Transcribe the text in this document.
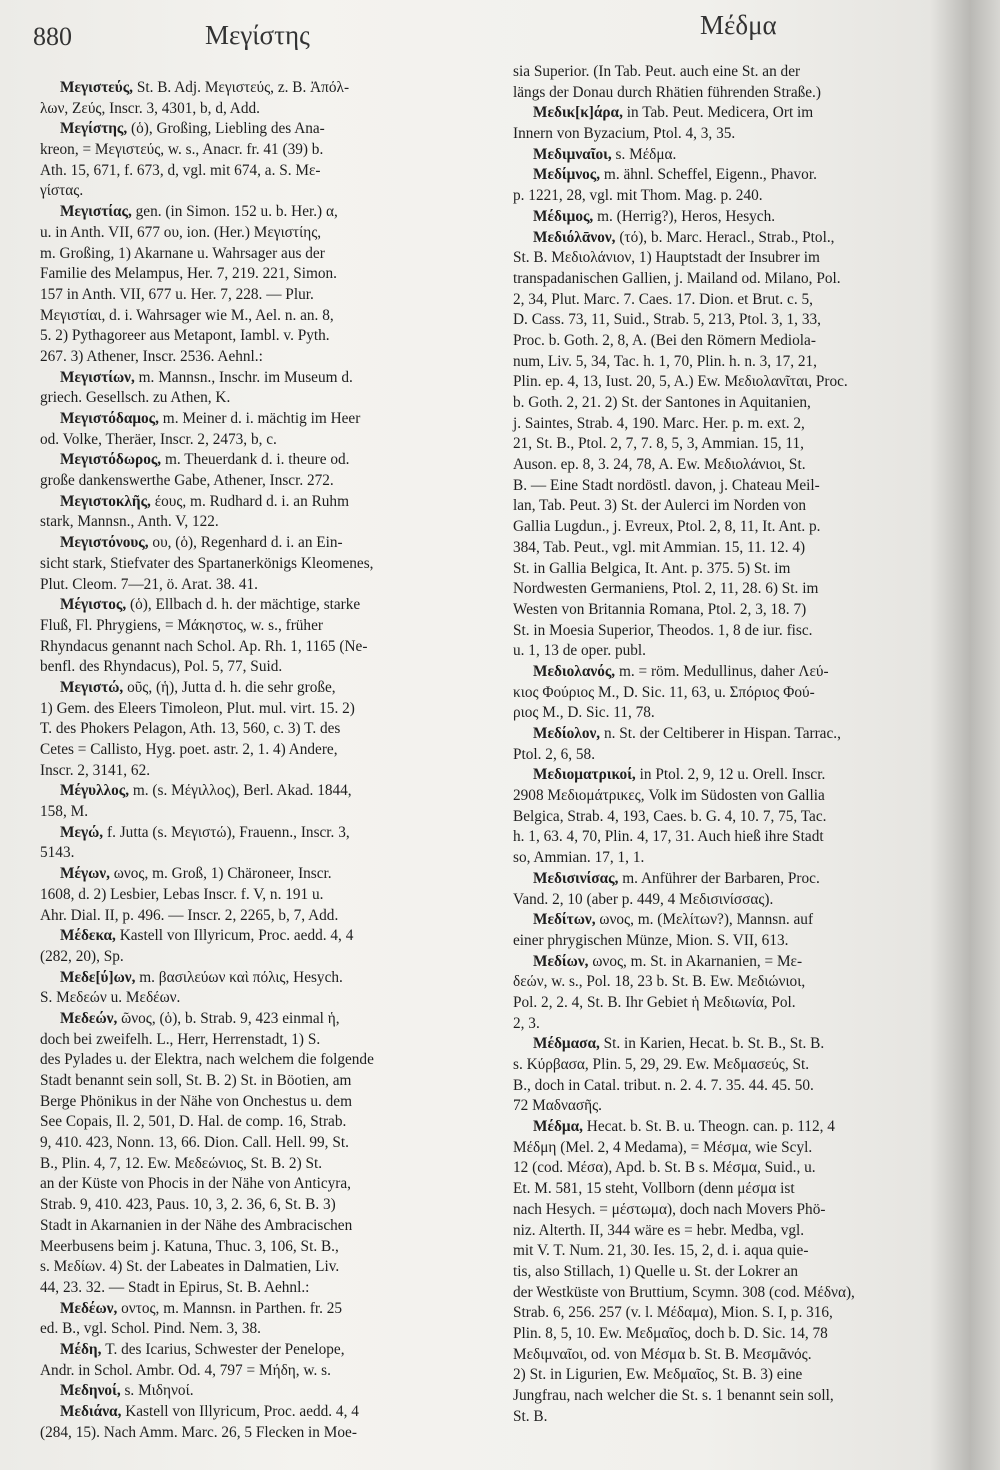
880	Μεγίστης	Μέδμα
Μεγιστεύς, St. B. Adj. Μεγιστεύς, z. B. Ἀπόλ-
λων, Ζεύς, Inscr. 3, 4301, b, d, Add.
Μεγίστης, (ὁ), Großing, Liebling des Ana-
kreon, = Μεγιστεύς, w. s., Anacr. fr. 41 (39) b.
Ath. 15, 671, f. 673, d, vgl. mit 674, a. S. Με-
γίστας.
Μεγιστίας, gen. (in Simon. 152 u. b. Her.) α,
u. in Anth. VII, 677 ου, ion. (Her.) Μεγιστίης,
m. Großing, 1) Akarnane u. Wahrsager aus der
Familie des Melampus, Her. 7, 219. 221, Simon.
157 in Anth. VII, 677 u. Her. 7, 228. — Plur.
Μεγιστίαι, d. i. Wahrsager wie M., Ael. n. an. 8,
5. 2) Pythagoreer aus Metapont, Iambl. v. Pyth.
267. 3) Athener, Inscr. 2536. Aehnl.:
Μεγιστίων, m. Mannsn., Inschr. im Museum d.
griech. Gesellsch. zu Athen, K.
Μεγιστόδαμος, m. Meiner d. i. mächtig im Heer
od. Volke, Theräer, Inscr. 2, 2473, b, c.
Μεγιστόδωρος, m. Theuerdank d. i. theure od.
große dankenswerthe Gabe, Athener, Inscr. 272.
Μεγιστοκλῆς, έους, m. Rudhard d. i. an Ruhm
stark, Mannsn., Anth. V, 122.
Μεγιστόνους, ου, (ὁ), Regenhard d. i. an Ein-
sicht stark, Stiefvater des Spartanerkönigs Kleomenes,
Plut. Cleom. 7—21, ö. Arat. 38. 41.
Μέγιστος, (ὁ), Ellbach d. h. der mächtige, starke
Fluß, Fl. Phrygiens, = Μάκηστος, w. s., früher
Rhyndacus genannt nach Schol. Ap. Rh. 1, 1165 (Ne-
benfl. des Rhyndacus), Pol. 5, 77, Suid.
Μεγιστώ, οῦς, (ἡ), Jutta d. h. die sehr große,
1) Gem. des Eleers Timoleon, Plut. mul. virt. 15. 2)
T. des Phokers Pelagon, Ath. 13, 560, c. 3) T. des
Cetes = Callisto, Hyg. poet. astr. 2, 1. 4) Andere,
Inscr. 2, 3141, 62.
Μέγυλλος, m. (s. Μέγιλλος), Berl. Akad. 1844,
158, M.
Μεγώ, f. Jutta (s. Μεγιστώ), Frauenn., Inscr. 3,
5143.
Μέγων, ωνος, m. Groß, 1) Chäroneer, Inscr.
1608, d. 2) Lesbier, Lebas Inscr. f. V, n. 191 u.
Ahr. Dial. II, p. 496. — Inscr. 2, 2265, b, 7, Add.
Μέδεκα, Kastell von Illyricum, Proc. aedd. 4, 4
(282, 20), Sp.
Μεδε[ύ]ων, m. βασιλεύων καὶ πόλις, Hesych.
S. Μεδεών u. Μεδέων.
Μεδεών, ῶνος, (ὁ), b. Strab. 9, 423 einmal ἡ,
doch bei zweifelh. L., Herr, Herrenstadt, 1) S.
des Pylades u. der Elektra, nach welchem die folgende
Stadt benannt sein soll, St. B. 2) St. in Böotien, am
Berge Phönikus in der Nähe von Onchestus u. dem
See Copais, Il. 2, 501, D. Hal. de comp. 16, Strab.
9, 410. 423, Nonn. 13, 66. Dion. Call. Hell. 99, St.
B., Plin. 4, 7, 12. Ew. Μεδεώνιος, St. B. 2) St.
an der Küste von Phocis in der Nähe von Anticyra,
Strab. 9, 410. 423, Paus. 10, 3, 2. 36, 6, St. B. 3)
Stadt in Akarnanien in der Nähe des Ambracischen
Meerbusens beim j. Katuna, Thuc. 3, 106, St. B.,
s. Μεδίων. 4) St. der Labeates in Dalmatien, Liv.
44, 23. 32. — Stadt in Epirus, St. B. Aehnl.:
Μεδέων, οντος, m. Mannsn. in Parthen. fr. 25
ed. B., vgl. Schol. Pind. Nem. 3, 38.
Μέδη, T. des Icarius, Schwester der Penelope,
Andr. in Schol. Ambr. Od. 4, 797 = Μήδη, w. s.
Μεδηνοί, s. Μιδηνοί.
Μεδιάνα, Kastell von Illyricum, Proc. aedd. 4, 4
(284, 15). Nach Amm. Marc. 26, 5 Flecken in Moe-
sia Superior. (In Tab. Peut. auch eine St. an der
längs der Donau durch Rhätien führenden Straße.)
Μεδικ[κ]άρα, in Tab. Peut. Medicera, Ort im
Innern von Byzacium, Ptol. 4, 3, 35.
Μεδιμναῖοι, s. Μέδμα.
Μεδίμνος, m. ähnl. Scheffel, Eigenn., Phavor.
p. 1221, 28, vgl. mit Thom. Mag. p. 240.
Μέδιμος, m. (Herrig?), Heros, Hesych.
Μεδιόλᾱνον, (τό), b. Marc. Heracl., Strab., Ptol.,
St. B. Μεδιολάνιον, 1) Hauptstadt der Insubrer im
transpadanischen Gallien, j. Mailand od. Milano, Pol.
2, 34, Plut. Marc. 7. Caes. 17. Dion. et Brut. c. 5,
D. Cass. 73, 11, Suid., Strab. 5, 213, Ptol. 3, 1, 33,
Proc. b. Goth. 2, 8, A. (Bei den Römern Mediola-
num, Liv. 5, 34, Tac. h. 1, 70, Plin. h. n. 3, 17, 21,
Plin. ep. 4, 13, Iust. 20, 5, A.) Ew. Μεδιολανῖται, Proc.
b. Goth. 2, 21. 2) St. der Santones in Aquitanien,
j. Saintes, Strab. 4, 190. Marc. Her. p. m. ext. 2,
21, St. B., Ptol. 2, 7, 7. 8, 5, 3, Ammian. 15, 11,
Auson. ep. 8, 3. 24, 78, A. Ew. Μεδιολάνιοι, St.
B. — Eine Stadt nordöstl. davon, j. Chateau Meil-
lan, Tab. Peut. 3) St. der Aulerci im Norden von
Gallia Lugdun., j. Evreux, Ptol. 2, 8, 11, It. Ant. p.
384, Tab. Peut., vgl. mit Ammian. 15, 11. 12. 4)
St. in Gallia Belgica, It. Ant. p. 375. 5) St. im
Nordwesten Germaniens, Ptol. 2, 11, 28. 6) St. im
Westen von Britannia Romana, Ptol. 2, 3, 18. 7)
St. in Moesia Superior, Theodos. 1, 8 de iur. fisc.
u. 1, 13 de oper. publ.
Μεδιολανός, m. = röm. Medullinus, daher Λεύ-
κιος Φούριος M., D. Sic. 11, 63, u. Σπόριος Φού-
ριος M., D. Sic. 11, 78.
Μεδίολον, n. St. der Celtiberer in Hispan. Tarrac.,
Ptol. 2, 6, 58.
Μεδιοματρικοί, in Ptol. 2, 9, 12 u. Orell. Inscr.
2908 Μεδιομάτρικες, Volk im Südosten von Gallia
Belgica, Strab. 4, 193, Caes. b. G. 4, 10. 7, 75, Tac.
h. 1, 63. 4, 70, Plin. 4, 17, 31. Auch hieß ihre Stadt
so, Ammian. 17, 1, 1.
Μεδισινίσας, m. Anführer der Barbaren, Proc.
Vand. 2, 10 (aber p. 449, 4 Μεδισινίσσας).
Μεδίτων, ωνος, m. (Μελίτων?), Mannsn. auf
einer phrygischen Münze, Mion. S. VII, 613.
Μεδίων, ωνος, m. St. in Akarnanien, = Με-
δεών, w. s., Pol. 18, 23 b. St. B. Ew. Μεδιώνιοι,
Pol. 2, 2. 4, St. B. Ihr Gebiet ἡ Μεδιωνία, Pol.
2, 3.
Μέδμασα, St. in Karien, Hecat. b. St. B., St. B.
s. Κύρβασα, Plin. 5, 29, 29. Ew. Μεδμασεύς, St.
B., doch in Catal. tribut. n. 2. 4. 7. 35. 44. 45. 50.
72 Μαδνασῆς.
Μέδμα, Hecat. b. St. B. u. Theogn. can. p. 112, 4
Μέδμη (Mel. 2, 4 Medama), = Μέσμα, wie Scyl.
12 (cod. Μέσα), Apd. b. St. B s. Μέσμα, Suid., u.
Et. M. 581, 15 steht, Vollborn (denn μέσμα ist
nach Hesych. = μέστωμα), doch nach Movers Phö-
niz. Alterth. II, 344 wäre es = hebr. Medba, vgl.
mit V. T. Num. 21, 30. Ies. 15, 2, d. i. aqua quie-
tis, also Stillach, 1) Quelle u. St. der Lokrer an
der Westküste von Bruttium, Scymn. 308 (cod. Μέδνα),
Strab. 6, 256. 257 (v. l. Μέδαμα), Mion. S. I, p. 316,
Plin. 8, 5, 10. Ew. Μεδμαῖος, doch b. D. Sic. 14, 78
Μεδιμναῖοι, od. von Μέσμα b. St. B. Μεσμᾶνός.
2) St. in Ligurien, Ew. Μεδμαῖος, St. B. 3) eine
Jungfrau, nach welcher die St. s. 1 benannt sein soll,
St. B.
